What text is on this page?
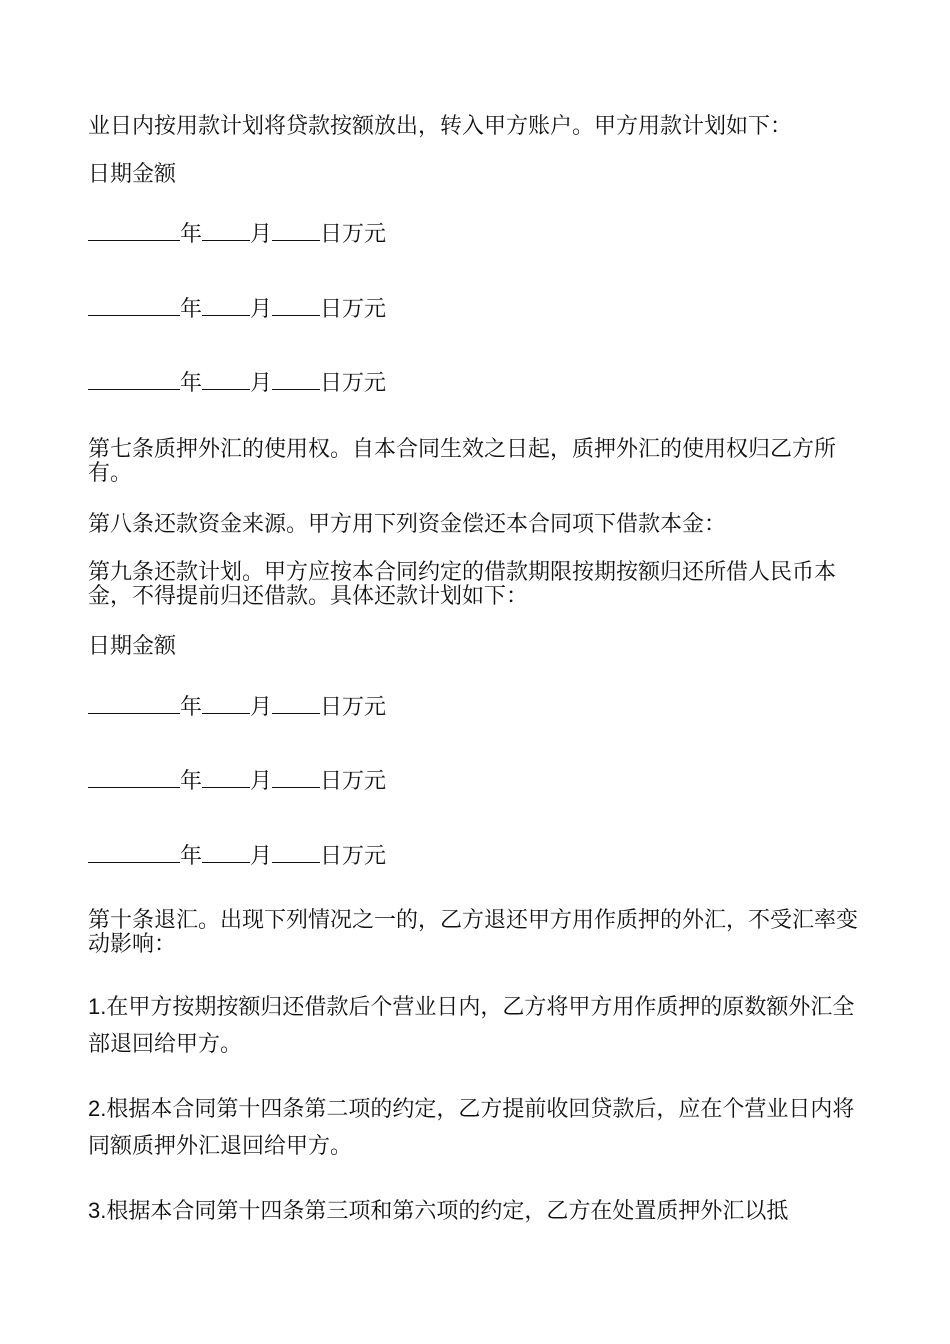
业日内按用款计划将贷款按额放出，转入甲方账户。甲方用款计划如下：
日期金额
年 月 日万元
年 月 日万元
年 月 日万元
第七条质押外汇的使用权。自本合同生效之日起，质押外汇的使用权归乙方所有。
第八条还款资金来源。甲方用下列资金偿还本合同项下借款本金：
第九条还款计划。甲方应按本合同约定的借款期限按期按额归还所借人民币本金，不得提前归还借款。具体还款计划如下：
日期金额
年 月 日万元
年 月 日万元
年 月 日万元
第十条退汇。出现下列情况之一的，乙方退还甲方用作质押的外汇，不受汇率变动影响：
1.在甲方按期按额归还借款后个营业日内，乙方将甲方用作质押的原数额外汇全部退回给甲方。
2.根据本合同第十四条第二项的约定，乙方提前收回贷款后，应在个营业日内将同额质押外汇退回给甲方。
3.根据本合同第十四条第三项和第六项的约定，乙方在处置质押外汇以抵
